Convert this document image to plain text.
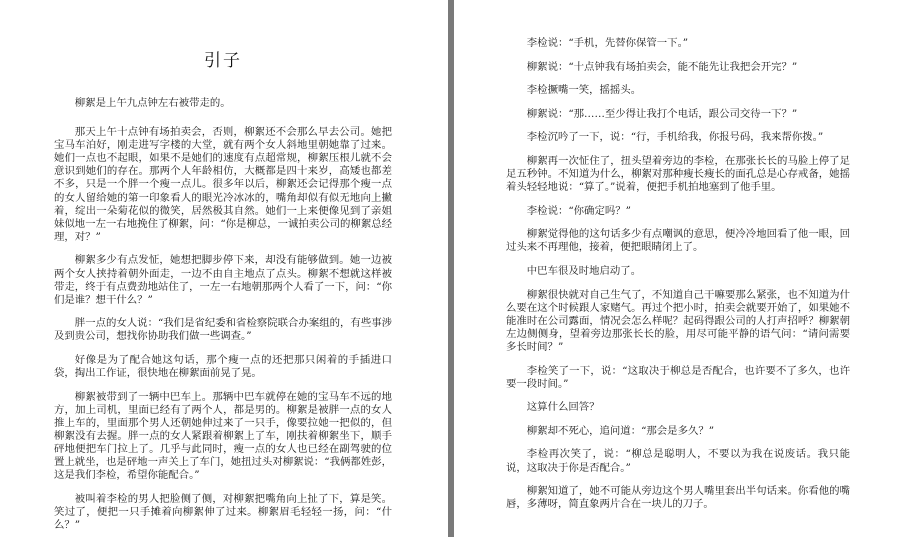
引子

柳絮是上午九点钟左右被带走的。

那天上午十点钟有场拍卖会，否则，柳絮还不会那么早去公司。她把宝马车泊好，刚走进写字楼的大堂，就有两个女人斜地里朝她靠了过来。她们一点也不起眼，如果不是她们的速度有点超常规，柳絮压根儿就不会意识到她们的存在。那两个人年龄相仿，大概都是四十来岁，高矮也都差不多，只是一个胖一个瘦一点儿。很多年以后，柳絮还会记得那个瘦一点的女人留给她的第一印象看人的眼光冷冰冰的，嘴角却似有似无地向上撇着，绽出一朵菊花似的微笑，居然极其自然。她们一上来便像见到了亲姐妹似地一左一右地挽住了柳絮，问：“你是柳总，一诚拍卖公司的柳絮总经理，对？”

柳絮多少有点发怔，她想把脚步停下来，却没有能够做到。她一边被两个女人挟持着朝外面走，一边不由自主地点了点头。柳絮不想就这样被带走，终于有点费劲地站住了，一左一右地朝那两个人看了一下，问：“你们是谁？想干什么？”

胖一点的女人说：“我们是省纪委和省检察院联合办案组的，有些事涉及到贵公司，想找你协助我们做一些调查。”

好像是为了配合她这句话，那个瘦一点的还把那只闲着的手插进口袋，掏出工作证，很快地在柳絮面前晃了晃。

柳絮被带到了一辆中巴车上。那辆中巴车就停在她的宝马车不远的地方，加上司机，里面已经有了两个人，都是男的。柳絮是被胖一点的女人推上车的，里面那个男人还朝她伸过来了一只手，像要拉她一把似的，但柳絮没有去握。胖一点的女人紧跟着柳絮上了车，刚扶着柳絮坐下，顺手砰地便把车门拉上了。几乎与此同时，瘦一点的女人也已经在副驾驶的位置上就坐，也是砰地一声关上了车门，她扭过头对柳絮说：“我俩都姓彭，这是我们李检，希望你能配合。”

被叫着李检的男人把脸侧了侧，对柳絮把嘴角向上扯了下，算是笑。笑过了，便把一只手摊着向柳絮伸了过来。柳絮眉毛轻轻一扬，问：“什么？”

李检说：“手机，先替你保管一下。”

柳絮说：“十点钟我有场拍卖会，能不能先让我把会开完？”

李检撅嘴一笑，摇摇头。

柳絮说：“那……至少得让我打个电话，跟公司交待一下？”

李检沉吟了一下，说：“行，手机给我，你报号码，我来帮你拨。”

柳絮再一次怔住了，扭头望着旁边的李检，在那张长长的马脸上停了足足五秒钟。不知道为什么，柳絮对那种瘦长瘦长的面孔总是心存戒备，她摇着头轻轻地说：“算了。”说着，便把手机拍地塞到了他手里。

李检说：“你确定吗？”

柳絮觉得他的这句话多少有点嘲讽的意思，便冷冷地回看了他一眼，回过头来不再理他，接着，便把眼睛闭上了。

中巴车很及时地启动了。

柳絮很快就对自己生气了，不知道自己干嘛要那么紧张，也不知道为什么要在这个时候跟人家赌气。再过个把小时，拍卖会就要开始了，如果她不能准时在公司露面，情况会怎么样呢？起码得跟公司的人打声招呼？柳絮朝左边侧侧身，望着旁边那张长长的脸，用尽可能平静的语气问：“请问需要多长时间？”

李检笑了一下，说：“这取决于柳总是否配合，也许要不了多久，也许要一段时间。”

这算什么回答？

柳絮却不死心，追问道：“那会是多久？”

李检再次笑了，说：“柳总是聪明人，不要以为我在说废话。我只能说，这取决于你是否配合。”

柳絮知道了，她不可能从旁边这个男人嘴里套出半句话来。你看他的嘴唇，多薄呀，简直象两片合在一块儿的刀子。
